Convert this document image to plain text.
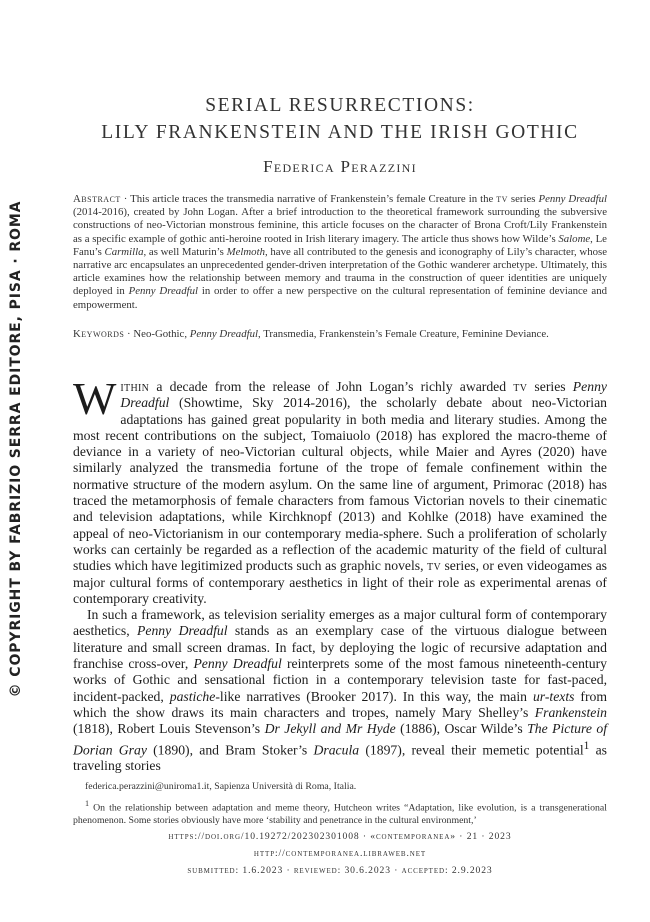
© COPYRIGHT BY FABRIZIO SERRA EDITORE, PISA · ROMA
SERIAL RESURRECTIONS:
LILY FRANKENSTEIN AND THE IRISH GOTHIC
Federica Perazzini
Abstract · This article traces the transmedia narrative of Frankenstein’s female Creature in the tv series Penny Dreadful (2014-2016), created by John Logan. After a brief introduction to the theoretical framework surrounding the subversive constructions of neo-Victorian monstrous feminine, this article focuses on the character of Brona Croft/Lily Frankenstein as a specific example of gothic anti-heroine rooted in Irish literary imagery. The article thus shows how Wilde’s Salome, Le Fanu’s Carmilla, as well Maturin’s Melmoth, have all contributed to the genesis and iconography of Lily’s character, whose narrative arc encapsulates an unprecedented gender-driven interpretation of the Gothic wanderer archetype. Ultimately, this article examines how the relationship between memory and trauma in the construction of queer identities are uniquely deployed in Penny Dreadful in order to offer a new perspective on the cultural representation of feminine deviance and empowerment.
Keywords · Neo-Gothic, Penny Dreadful, Transmedia, Frankenstein’s Female Creature, Feminine Deviance.

Within a decade from the release of John Logan’s richly awarded tv series Penny Dreadful (Showtime, Sky 2014-2016), the scholarly debate about neo-Victorian adaptations has gained great popularity in both media and literary studies. Among the most recent contributions on the subject, Tomaiuolo (2018) has explored the macro-theme of deviance in a variety of neo-Victorian cultural objects, while Maier and Ayres (2020) have similarly analyzed the transmedia fortune of the trope of female confinement within the normative structure of the modern asylum. On the same line of argument, Primorac (2018) has traced the metamorphosis of female characters from famous Victorian novels to their cinematic and television adaptations, while Kirchknopf (2013) and Kohlke (2018) have examined the appeal of neo-Victorianism in our contemporary media-sphere. Such a proliferation of scholarly works can certainly be regarded as a reflection of the academic maturity of the field of cultural studies which have legitimized products such as graphic novels, tv series, or even videogames as major cultural forms of contemporary aesthetics in light of their role as experimental arenas of contemporary creativity.

In such a framework, as television seriality emerges as a major cultural form of contemporary aesthetics, Penny Dreadful stands as an exemplary case of the virtuous dialogue between literature and small screen dramas. In fact, by deploying the logic of recursive adaptation and franchise cross-over, Penny Dreadful reinterprets some of the most famous nineteenth-century works of Gothic and sensational fiction in a contemporary television taste for fast-paced, incident-packed, pastiche-like narratives (Brooker 2017). In this way, the main ur-texts from which the show draws its main characters and tropes, namely Mary Shelley’s Frankenstein (1818), Robert Louis Stevenson’s Dr Jekyll and Mr Hyde (1886), Oscar Wilde’s The Picture of Dorian Gray (1890), and Bram Stoker’s Dracula (1897), reveal their memetic potential$^1$ as traveling stories

federica.perazzini@uniroma1.it, Sapienza Università di Roma, Italia.
$^1$ On the relationship between adaptation and meme theory, Hutcheon writes “Adaptation, like evolution, is a transgenerational phenomenon. Some stories obviously have more ‘stability and penetrance in the cultural environment,’
https://doi.org/10.19272/202302301008 · «contemporanea» · 21 · 2023
http://contemporanea.libraweb.net
submitted: 1.6.2023 · reviewed: 30.6.2023 · accepted: 2.9.2023
